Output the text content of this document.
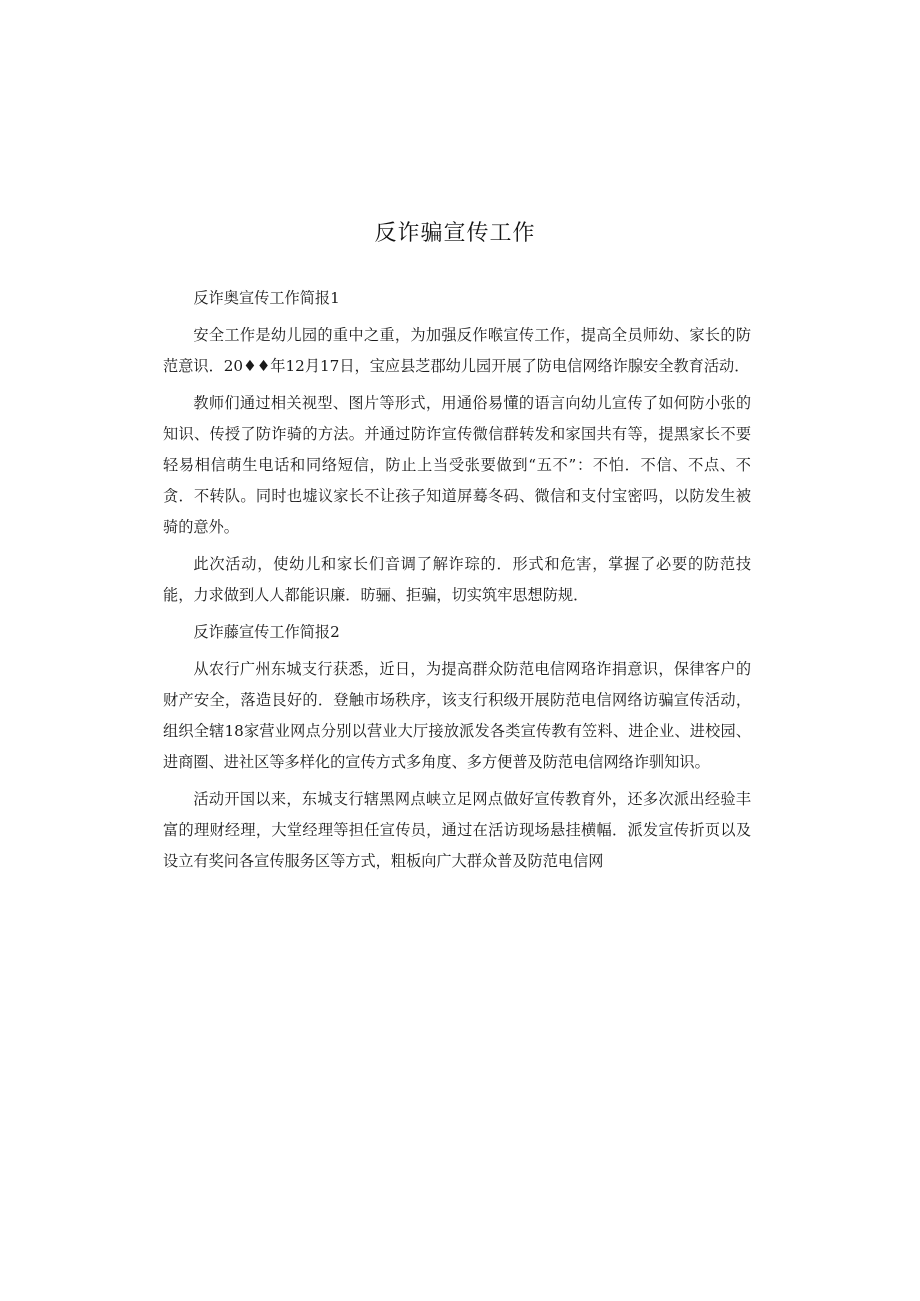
反诈骗宣传工作

反诈奥宣传工作简报1

安全工作是幼儿园的重中之重，为加强反作喉宣传工作，提高全员师幼、家长的防范意识．20♦♦年12月17日，宝应县芝郡幼儿园开展了防电信网络诈腺安全教育活动．

教师们通过相关视型、图片等形式，用通俗易懂的语言向幼儿宣传了如何防小张的知识、传授了防诈骑的方法。并通过防诈宣传微信群转发和家国共有等，提黑家长不要轻易相信萌生电话和同络短信，防止上当受张要做到“五不”：不怕．不信、不点、不贪．不转队。同时也墟议家长不让孩子知道屏蓦冬码、微信和支付宝密吗，以防发生被骑的意外。

此次活动，使幼儿和家长们音调了解诈琮的．形式和危害，掌握了必要的防范技能，力求做到人人都能识廉．昉骊、拒骗，切实筑牢思想防规．

反诈藤宣传工作简报2

从农行广州东城支行获悉，近日，为提高群众防范电信网珞诈捐意识，保律客户的财产安全，落造艮好的．登触市场秩序，该支行积级开展防范电信网络访骗宣传活动，组织全辖18家营业网点分别以营业大厅接放派发各类宣传教有笠料、进企业、进校园、进商圈、进社区等多样化的宣传方式多角度、多方便普及防范电信网络诈驯知识。

活动开国以来，东城支行辖黑网点峡立足网点做好宣传教育外，还多次派出经验丰富的理财经理，大堂经理等担任宣传员，通过在活访现场悬挂横幅．派发宣传折页以及设立有奖问各宣传服务区等方式，粗板向广大群众普及防范电信网
